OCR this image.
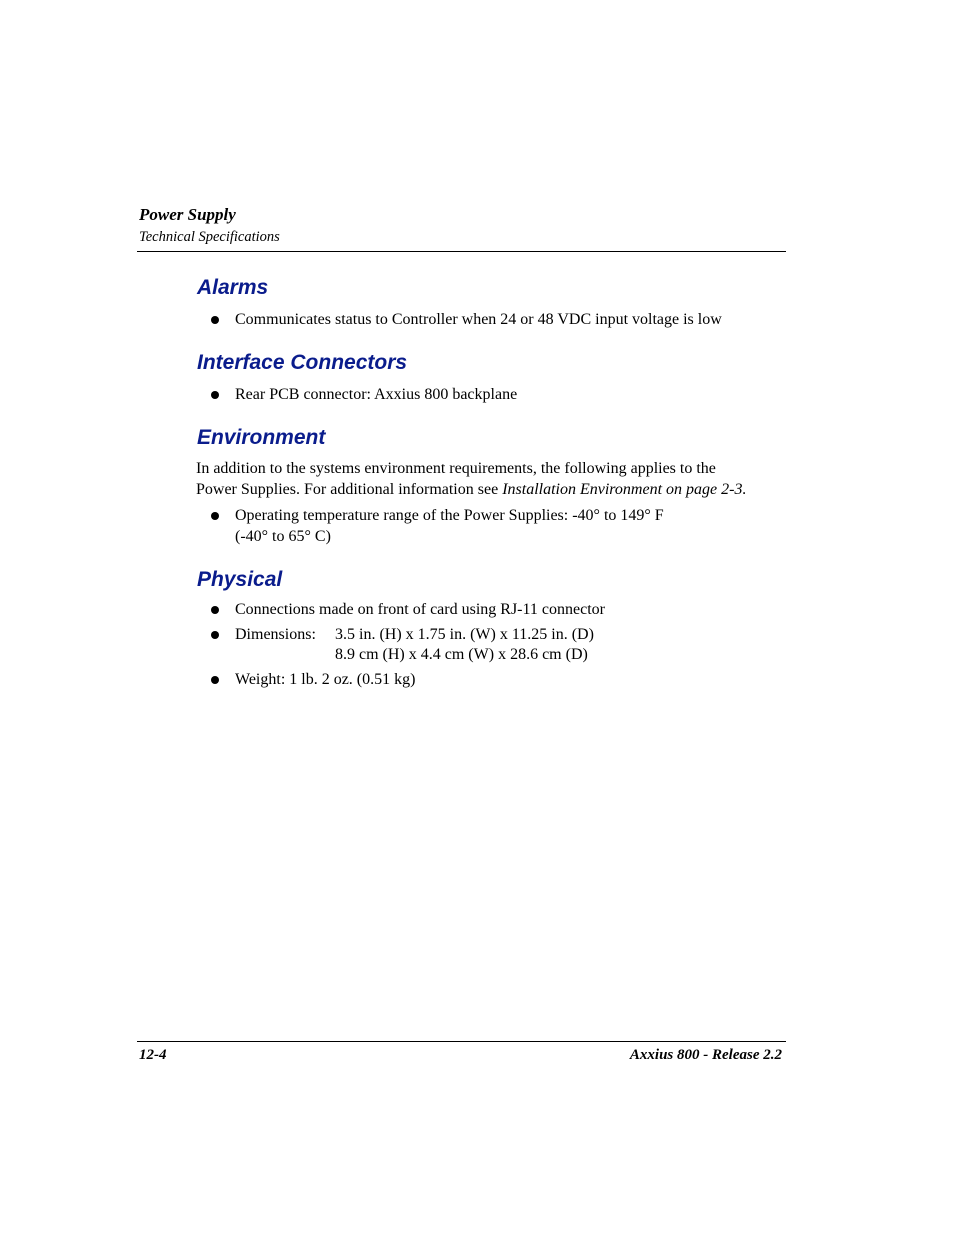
Power Supply
Technical Specifications
Alarms
Communicates status to Controller when 24 or 48 VDC input voltage is low
Interface Connectors
Rear PCB connector: Axxius 800 backplane
Environment
In addition to the systems environment requirements, the following applies to the
Power Supplies. For additional information see Installation Environment on page 2-3.
Operating temperature range of the Power Supplies: -40° to 149° F
(-40° to 65° C)
Physical
Connections made on front of card using RJ-11 connector
Dimensions: 3.5 in. (H) x 1.75 in. (W) x 11.25 in. (D)
8.9 cm (H) x 4.4 cm (W) x 28.6 cm (D)
Weight: 1 lb. 2 oz. (0.51 kg)
12-4	Axxius 800 - Release 2.2
